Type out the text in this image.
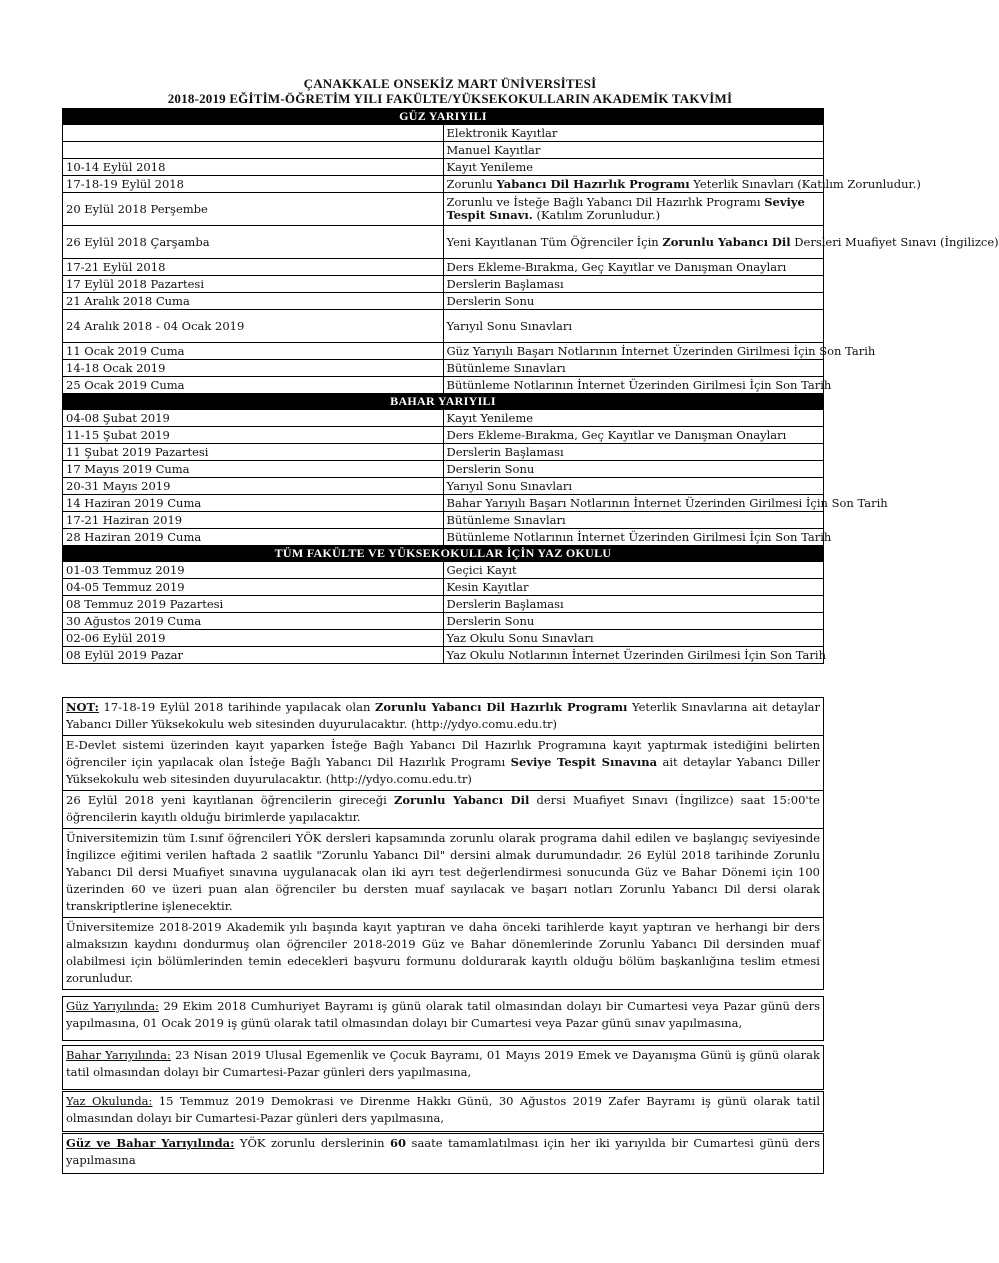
ÇANAKKALE ONSEKİZ MART ÜNİVERSİTESİ
2018-2019 EĞİTİM-ÖĞRETİM YILI FAKÜLTE/YÜKSEKOKULLARIN AKADEMİK TAKVİMİ
GÜZ YARIYILI	
	Elektronik Kayıtlar
	Manuel Kayıtlar
10-14 Eylül 2018	Kayıt Yenileme
17-18-19 Eylül 2018	Zorunlu Yabancı Dil Hazırlık Programı Yeterlik Sınavları (Katılım Zorunludur.)
20 Eylül 2018 Perşembe	Zorunlu ve İsteğe Bağlı Yabancı Dil Hazırlık Programı Seviye Tespit Sınavı. (Katılım Zorunludur.)
26 Eylül 2018 Çarşamba	Yeni Kayıtlanan Tüm Öğrenciler İçin Zorunlu Yabancı Dil Dersleri Muafiyet Sınavı (İngilizce)
17-21 Eylül 2018	Ders Ekleme-Bırakma, Geç Kayıtlar ve Danışman Onayları
17 Eylül 2018 Pazartesi	Derslerin Başlaması
21 Aralık 2018 Cuma	Derslerin Sonu
24 Aralık 2018 - 04 Ocak 2019	Yarıyıl Sonu Sınavları
11 Ocak 2019 Cuma	Güz Yarıyılı Başarı Notlarının İnternet Üzerinden Girilmesi İçin Son Tarih
14-18 Ocak 2019	Bütünleme Sınavları
25 Ocak 2019 Cuma	Bütünleme Notlarının İnternet Üzerinden Girilmesi İçin Son Tarih
BAHAR YARIYILI	
04-08 Şubat 2019	Kayıt Yenileme
11-15 Şubat 2019	Ders Ekleme-Bırakma, Geç Kayıtlar ve Danışman Onayları
11 Şubat 2019 Pazartesi	Derslerin Başlaması
17 Mayıs 2019 Cuma	Derslerin Sonu
20-31 Mayıs 2019	Yarıyıl Sonu Sınavları
14 Haziran 2019 Cuma	Bahar Yarıyılı Başarı Notlarının İnternet Üzerinden Girilmesi İçin Son Tarih
17-21 Haziran 2019	Bütünleme Sınavları
28 Haziran 2019 Cuma	Bütünleme Notlarının İnternet Üzerinden Girilmesi İçin Son Tarih
TÜM FAKÜLTE VE YÜKSEKOKULLAR İÇİN YAZ OKULU	
01-03 Temmuz 2019	Geçici Kayıt
04-05 Temmuz 2019	Kesin Kayıtlar
08 Temmuz 2019 Pazartesi	Derslerin Başlaması
30 Ağustos 2019 Cuma	Derslerin Sonu
02-06 Eylül 2019	Yaz Okulu Sonu Sınavları
08 Eylül 2019 Pazar	Yaz Okulu Notlarının İnternet Üzerinden Girilmesi İçin Son Tarih
NOT: 17-18-19 Eylül 2018 tarihinde yapılacak olan Zorunlu Yabancı Dil Hazırlık Programı Yeterlik Sınavlarına ait detaylar Yabancı Diller Yüksekokulu web sitesinden duyurulacaktır. (http://ydyo.comu.edu.tr)
E-Devlet sistemi üzerinden kayıt yaparken İsteğe Bağlı Yabancı Dil Hazırlık Programına kayıt yaptırmak istediğini belirten öğrenciler için yapılacak olan İsteğe Bağlı Yabancı Dil Hazırlık Programı Seviye Tespit Sınavına ait detaylar Yabancı Diller Yüksekokulu web sitesinden duyurulacaktır. (http://ydyo.comu.edu.tr)
26 Eylül 2018 yeni kayıtlanan öğrencilerin gireceği Zorunlu Yabancı Dil dersi Muafiyet Sınavı (İngilizce) saat 15:00'te öğrencilerin kayıtlı olduğu birimlerde yapılacaktır.
Üniversitemizin tüm I.sınıf öğrencileri YÖK dersleri kapsamında zorunlu olarak programa dahil edilen ve başlangıç seviyesinde İngilizce eğitimi verilen haftada 2 saatlik "Zorunlu Yabancı Dil" dersini almak durumundadır. 26 Eylül 2018 tarihinde Zorunlu Yabancı Dil dersi Muafiyet sınavına uygulanacak olan iki ayrı test değerlendirmesi sonucunda Güz ve Bahar Dönemi için 100 üzerinden 60 ve üzeri puan alan öğrenciler bu dersten muaf sayılacak ve başarı notları Zorunlu Yabancı Dil dersi olarak transkriptlerine işlenecektir.
Üniversitemize 2018-2019 Akademik yılı başında kayıt yaptıran ve daha önceki tarihlerde kayıt yaptıran ve herhangi bir ders almaksızın kaydını dondurmuş olan öğrenciler 2018-2019 Güz ve Bahar dönemlerinde Zorunlu Yabancı Dil dersinden muaf olabilmesi için bölümlerinden temin edecekleri başvuru formunu doldurarak kayıtlı olduğu bölüm başkanlığına teslim etmesi zorunludur.
Güz Yarıyılında: 29 Ekim 2018 Cumhuriyet Bayramı iş günü olarak tatil olmasından dolayı bir Cumartesi veya Pazar günü ders yapılmasına, 01 Ocak 2019 iş günü olarak tatil olmasından dolayı bir Cumartesi veya Pazar günü sınav yapılmasına,
Bahar Yarıyılında: 23 Nisan 2019 Ulusal Egemenlik ve Çocuk Bayramı, 01 Mayıs 2019 Emek ve Dayanışma Günü iş günü olarak tatil olmasından dolayı bir Cumartesi-Pazar günleri ders yapılmasına,
Yaz Okulunda: 15 Temmuz 2019 Demokrasi ve Direnme Hakkı Günü, 30 Ağustos 2019 Zafer Bayramı iş günü olarak tatil olmasından dolayı bir Cumartesi-Pazar günleri ders yapılmasına,
Güz ve Bahar Yarıyılında: YÖK zorunlu derslerinin 60 saate tamamlatılması için her iki yarıyılda bir Cumartesi günü ders yapılmasına
